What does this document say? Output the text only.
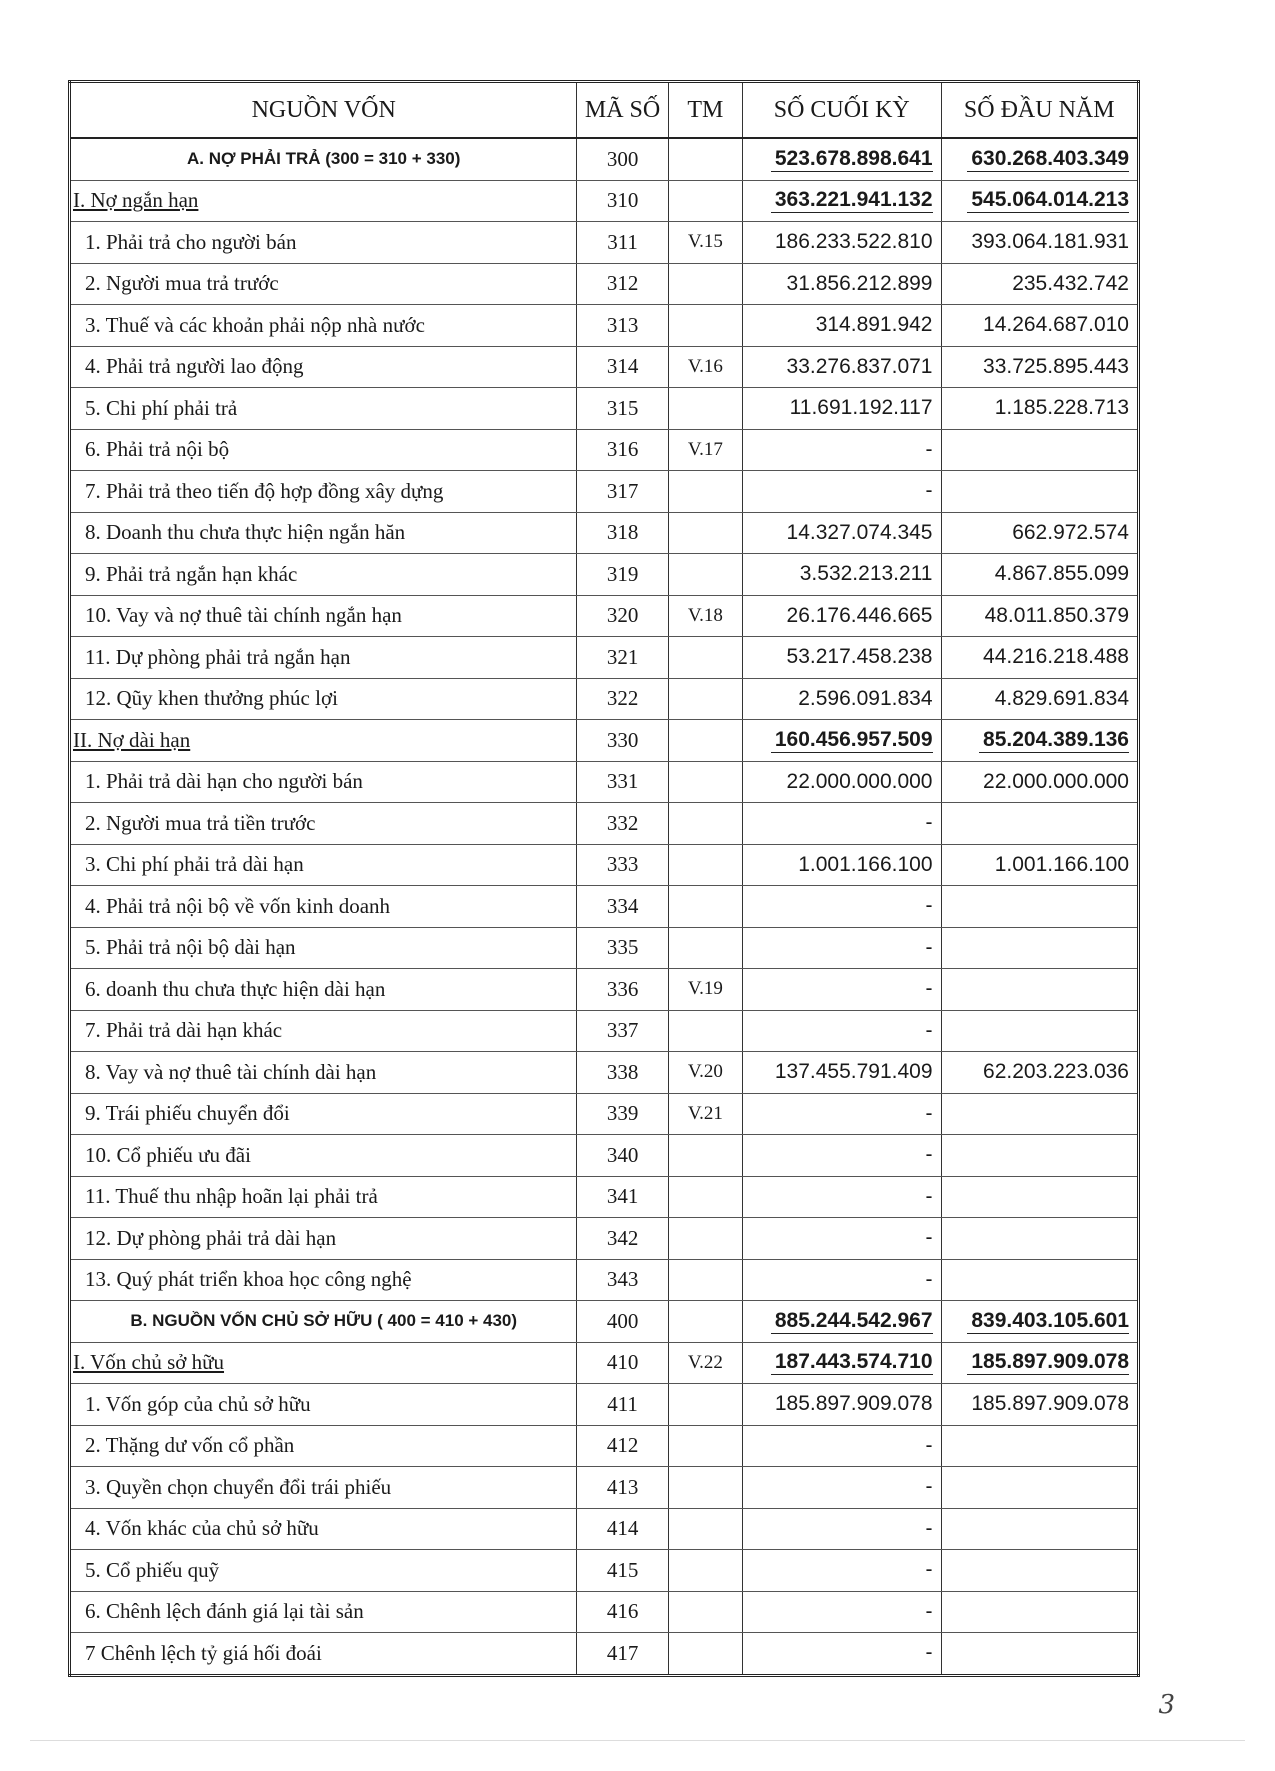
NGUỒN VỐN	MÃ SỐ	TM	SỐ CUỐI KỲ	SỐ ĐẦU NĂM
A. NỢ PHẢI TRẢ (300 = 310 + 330)	300		523.678.898.641	630.268.403.349
I. Nợ ngắn hạn	310		363.221.941.132	545.064.014.213
1. Phải trả cho người bán	311	V.15	186.233.522.810	393.064.181.931
2. Người mua trả trước	312		31.856.212.899	235.432.742
3. Thuế và các khoản phải nộp nhà nước	313		314.891.942	14.264.687.010
4. Phải trả người lao động	314	V.16	33.276.837.071	33.725.895.443
5. Chi phí phải trả	315		11.691.192.117	1.185.228.713
6. Phải trả nội bộ	316	V.17	-	
7. Phải trả theo tiến độ hợp đồng xây dựng	317		-	
8. Doanh thu chưa thực hiện ngắn hăn	318		14.327.074.345	662.972.574
9. Phải trả ngắn hạn khác	319		3.532.213.211	4.867.855.099
10. Vay và nợ thuê tài chính ngắn hạn	320	V.18	26.176.446.665	48.011.850.379
11. Dự phòng phải trả ngắn hạn	321		53.217.458.238	44.216.218.488
12. Qũy khen thưởng phúc lợi	322		2.596.091.834	4.829.691.834
II. Nợ dài hạn	330		160.456.957.509	85.204.389.136
1. Phải trả dài hạn cho người bán	331		22.000.000.000	22.000.000.000
2. Người mua trả tiền trước	332		-	
3. Chi phí phải trả dài hạn	333		1.001.166.100	1.001.166.100
4. Phải trả nội bộ về vốn kinh doanh	334		-	
5. Phải trả nội bộ dài hạn	335		-	
6. doanh thu chưa thực hiện dài hạn	336	V.19	-	
7. Phải trả dài hạn khác	337		-	
8. Vay và nợ thuê tài chính dài hạn	338	V.20	137.455.791.409	62.203.223.036
9. Trái phiếu chuyển đổi	339	V.21	-	
10. Cổ phiếu ưu đãi	340		-	
11. Thuế thu nhập hoãn lại phải trả	341		-	
12. Dự phòng phải trả dài hạn	342		-	
13. Quý phát triển khoa học công nghệ	343		-	
B. NGUỒN VỐN CHỦ SỞ HỮU ( 400 = 410 + 430)	400		885.244.542.967	839.403.105.601
I. Vốn chủ sở hữu	410	V.22	187.443.574.710	185.897.909.078
1. Vốn góp của chủ sở hữu	411		185.897.909.078	185.897.909.078
2. Thặng dư vốn cổ phần	412		-	
3. Quyền chọn chuyển đổi trái phiếu	413		-	
4. Vốn khác của chủ sở hữu	414		-	
5. Cổ phiếu quỹ	415		-	
6. Chênh lệch đánh giá lại tài sản	416		-	
7 Chênh lệch tỷ giá hối đoái	417		-	
3
